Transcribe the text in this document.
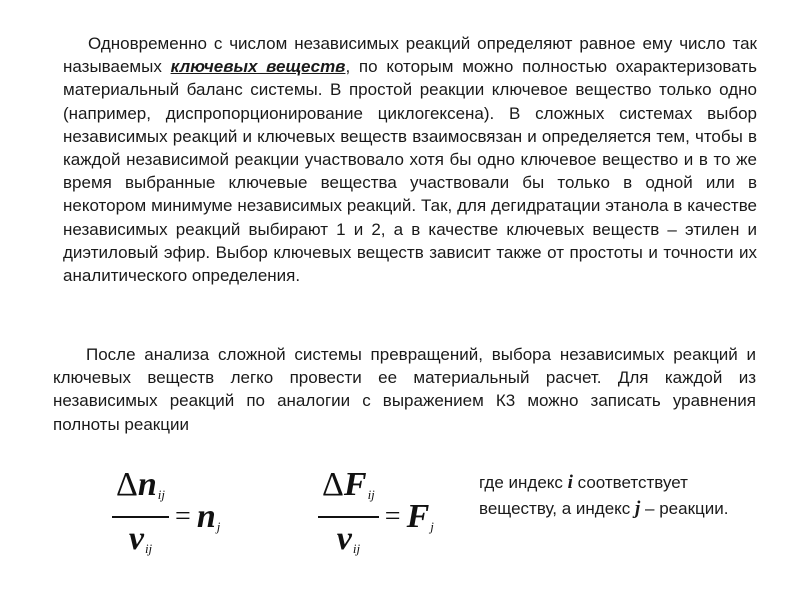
Одновременно с числом независимых реакций определяют равное ему число так называемых ключевых веществ, по которым можно полностью охарактеризовать материальный баланс системы. В простой реакции ключевое вещество только одно (например, диспропорционирование циклогексена). В сложных системах выбор независимых реакций и ключевых веществ взаимосвязан и определяется тем, чтобы в каждой независимой реакции участвовало хотя бы одно ключевое вещество и в то же время выбранные ключевые вещества участвовали бы только в одной или в некотором минимуме независимых реакций. Так, для дегидратации этанола в качестве независимых реакций выбирают 1 и 2, а в качестве ключевых веществ – этилен и диэтиловый эфир. Выбор ключевых веществ зависит также от простоты и точности их аналитического определения.

После анализа сложной системы превращений, выбора независимых реакций и ключевых веществ легко провести ее материальный расчет. Для каждой из независимых реакций по аналогии с выражением К3 можно записать уравнения полноты реакции

$\frac{\Delta n_{ij}}{\nu_{ij}} = n_j$	$\frac{\Delta F_{ij}}{\nu_{ij}} = F_j$

где индекс i соответствует веществу, а индекс j – реакции.
